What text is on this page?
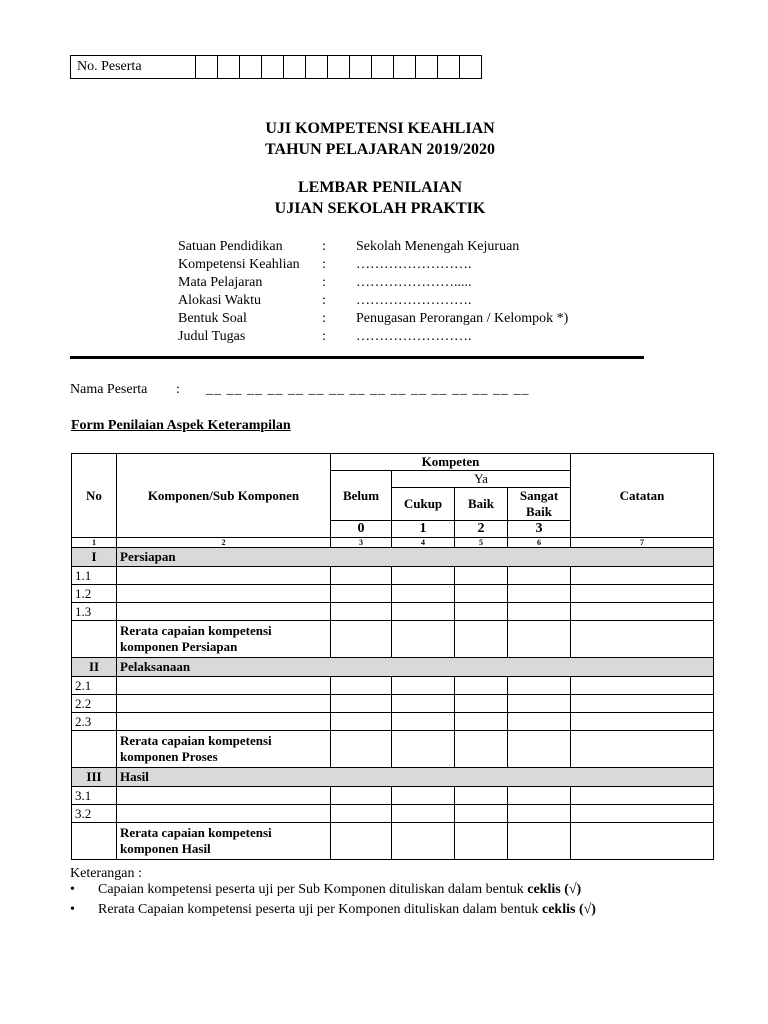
No. Peserta													
UJI KOMPETENSI KEAHLIAN
TAHUN PELAJARAN 2019/2020
LEMBAR PENILAIAN
UJIAN SEKOLAH PRAKTIK
Satuan Pendidikan	:	Sekolah Menengah Kejuruan
Kompetensi Keahlian	:	…………………….
Mata Pelajaran	:	………………….....
Alokasi Waktu	:	…………………….
Bentuk Soal	:	Penugasan Perorangan / Kelompok *)
Judul Tugas	:	…………………….
Nama Peserta	:	__ __ __ __ __ __ __ __ __ __ __ __ __ __ __ __
Form Penilaian Aspek Keterampilan
No	Komponen/Sub Komponen	Kompeten				Catatan
		Belum	Ya			
			Cukup	Baik	Sangat
Baik	
		0	1	2	3	
1	2	3	4	5	6	7
I	Persiapan					
1.1						
1.2						
1.3						
	Rerata capaian kompetensi
komponen Persiapan					
II	Pelaksanaan					
2.1						
2.2						
2.3						
	Rerata capaian kompetensi
komponen Proses					
III	Hasil					
3.1						
3.2						
	Rerata capaian kompetensi
komponen Hasil					
Keterangan :
•	Capaian kompetensi peserta uji per Sub Komponen dituliskan dalam bentuk ceklis (√)
•	Rerata Capaian kompetensi peserta uji per Komponen dituliskan dalam bentuk ceklis (√)
